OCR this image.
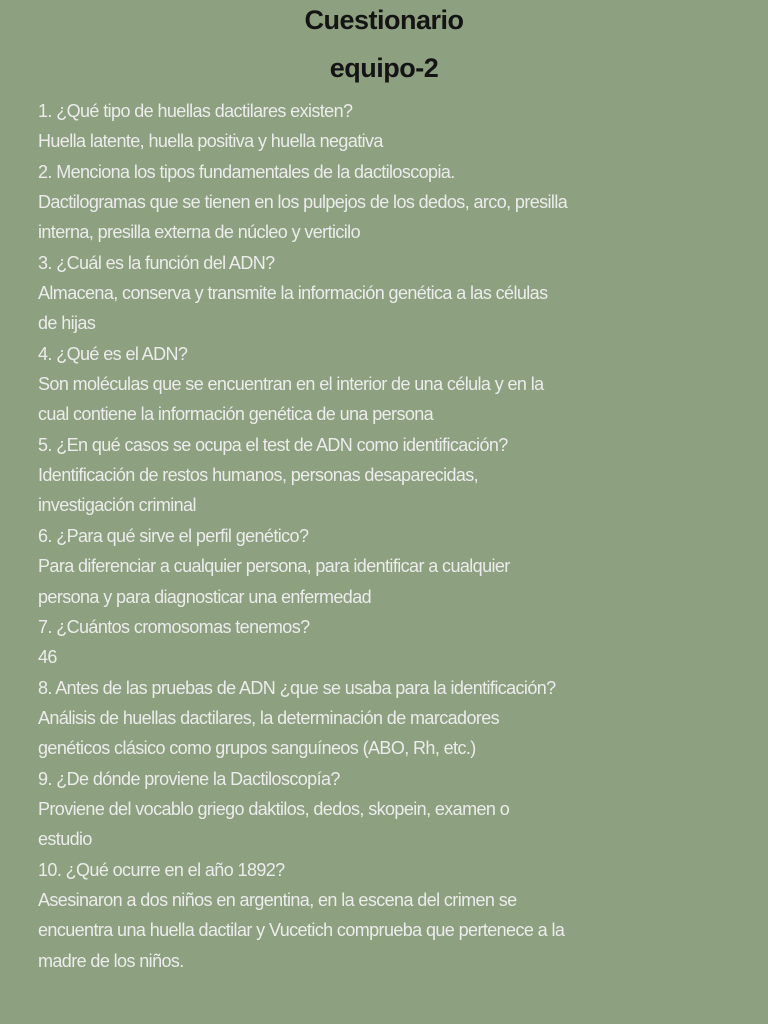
Cuestionario
equipo-2
1. ¿Qué tipo de huellas dactilares existen?
Huella latente, huella positiva y huella negativa
2. Menciona los tipos fundamentales de la dactiloscopia.
Dactilogramas que se tienen en los pulpejos de los dedos, arco, presilla
interna, presilla externa de núcleo y verticilo
3. ¿Cuál es la función del ADN?
Almacena, conserva y transmite la información genética a las células
de hijas
4. ¿Qué es el ADN?
Son moléculas que se encuentran en el interior de una célula y en la
cual contiene la información genética de una persona
5. ¿En qué casos se ocupa el test de ADN como identificación?
Identificación de restos humanos, personas desaparecidas,
investigación criminal
6. ¿Para qué sirve el perfil genético?
Para diferenciar a cualquier persona, para identificar a cualquier
persona y para diagnosticar una enfermedad
7. ¿Cuántos cromosomas tenemos?
46
8. Antes de las pruebas de ADN ¿que se usaba para la identificación?
Análisis de huellas dactilares, la determinación de marcadores
genéticos clásico como grupos sanguíneos (ABO, Rh, etc.)
9. ¿De dónde proviene la Dactiloscopía?
Proviene del vocablo griego daktilos, dedos, skopein, examen o
estudio
10. ¿Qué ocurre en el año 1892?
Asesinaron a dos niños en argentina, en la escena del crimen se
encuentra una huella dactilar y Vucetich comprueba que pertenece a la
madre de los niños.
